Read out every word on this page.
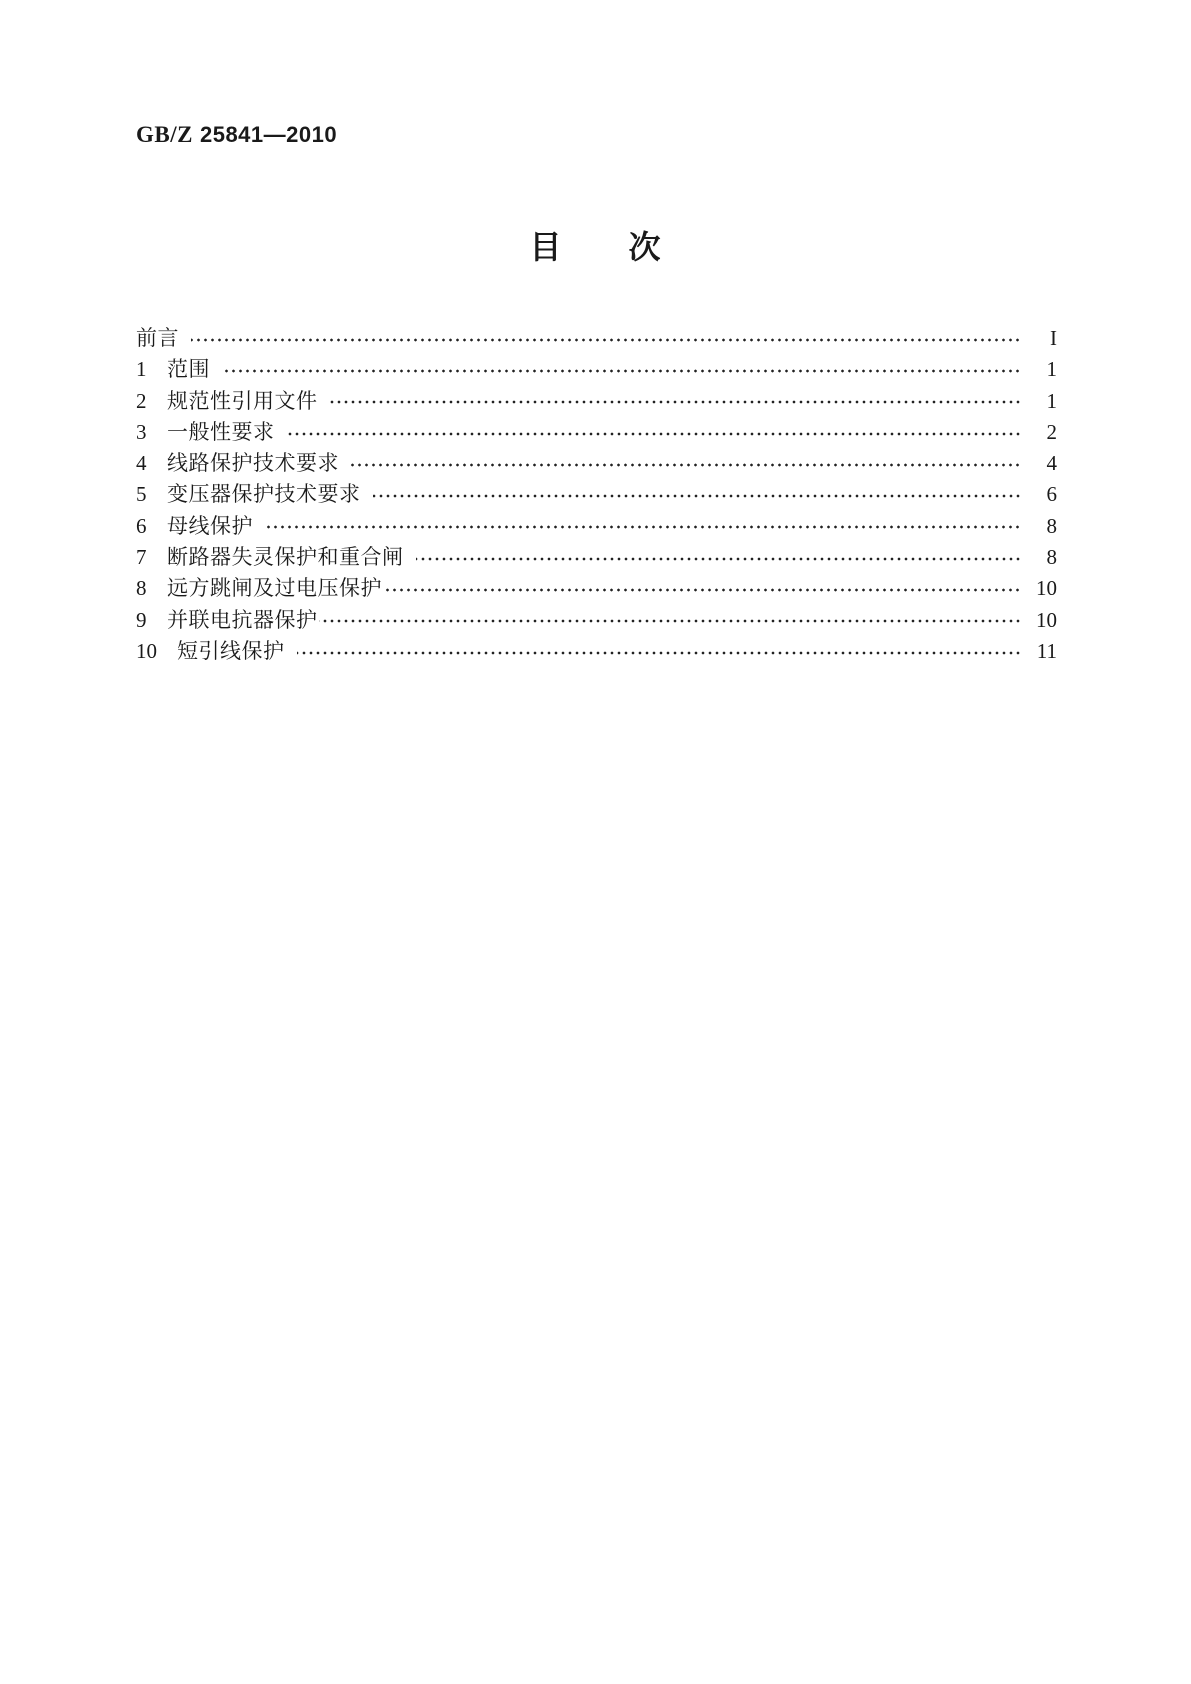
GB/Z 25841—2010
目　　次
前言	I
1 范围	1
2 规范性引用文件	1
3 一般性要求	2
4 线路保护技术要求	4
5 变压器保护技术要求	6
6 母线保护	8
7 断路器失灵保护和重合闸	8
8 远方跳闸及过电压保护	10
9 并联电抗器保护	10
10 短引线保护	11
